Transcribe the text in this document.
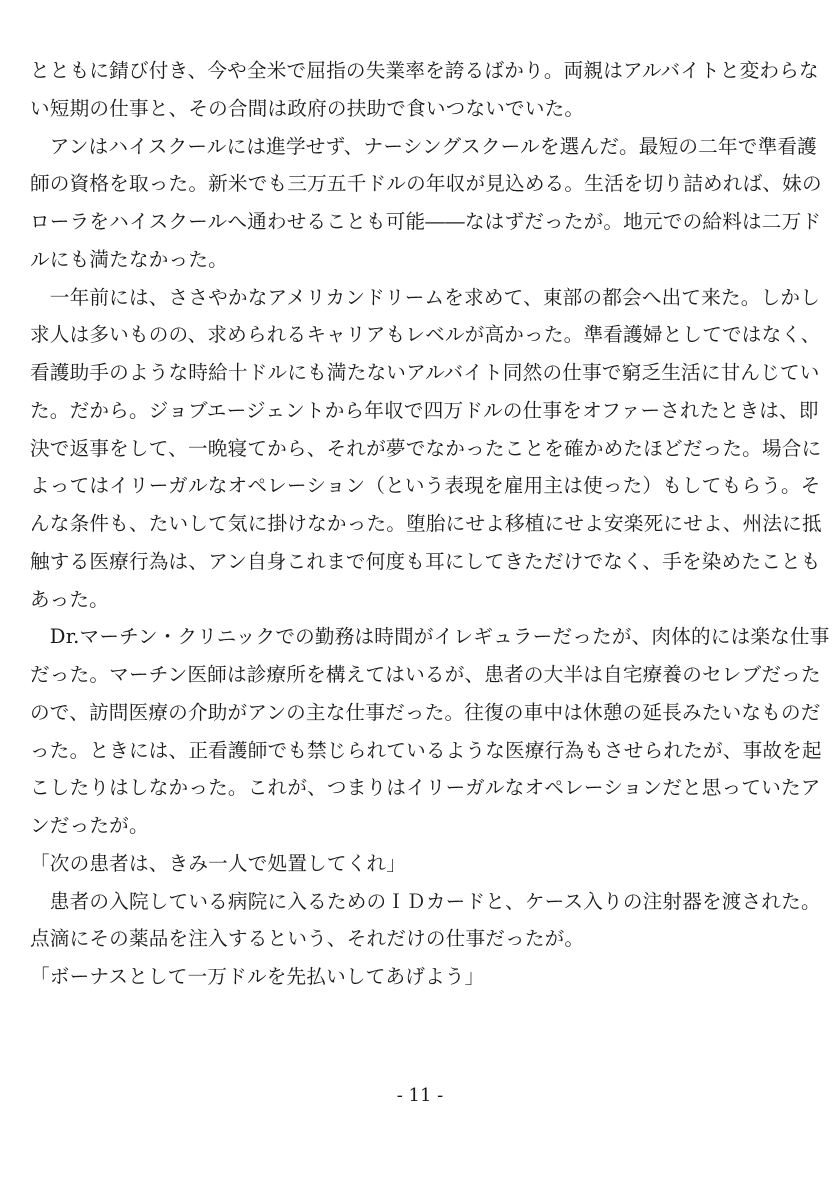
とともに錆び付き、今や全米で屈指の失業率を誇るばかり。両親はアルバイトと変わらな
い短期の仕事と、その合間は政府の扶助で食いつないでいた。
　アンはハイスクールには進学せず、ナーシングスクールを選んだ。最短の二年で準看護
師の資格を取った。新米でも三万五千ドルの年収が見込める。生活を切り詰めれば、妹の
ローラをハイスクールへ通わせることも可能――なはずだったが。地元での給料は二万ド
ルにも満たなかった。
　一年前には、ささやかなアメリカンドリームを求めて、東部の都会へ出て来た。しかし
求人は多いものの、求められるキャリアもレベルが高かった。準看護婦としてではなく、
看護助手のような時給十ドルにも満たないアルバイト同然の仕事で窮乏生活に甘んじてい
た。だから。ジョブエージェントから年収で四万ドルの仕事をオファーされたときは、即
決で返事をして、一晩寝てから、それが夢でなかったことを確かめたほどだった。場合に
よってはイリーガルなオペレーション（という表現を雇用主は使った）もしてもらう。そ
んな条件も、たいして気に掛けなかった。堕胎にせよ移植にせよ安楽死にせよ、州法に抵
触する医療行為は、アン自身これまで何度も耳にしてきただけでなく、手を染めたことも
あった。
　Dr.マーチン・クリニックでの勤務は時間がイレギュラーだったが、肉体的には楽な仕事
だった。マーチン医師は診療所を構えてはいるが、患者の大半は自宅療養のセレブだった
ので、訪問医療の介助がアンの主な仕事だった。往復の車中は休憩の延長みたいなものだ
った。ときには、正看護師でも禁じられているような医療行為もさせられたが、事故を起
こしたりはしなかった。これが、つまりはイリーガルなオペレーションだと思っていたア
ンだったが。
「次の患者は、きみ一人で処置してくれ」
　患者の入院している病院に入るためのＩＤカードと、ケース入りの注射器を渡された。
点滴にその薬品を注入するという、それだけの仕事だったが。
「ボーナスとして一万ドルを先払いしてあげよう」
- 11 -
